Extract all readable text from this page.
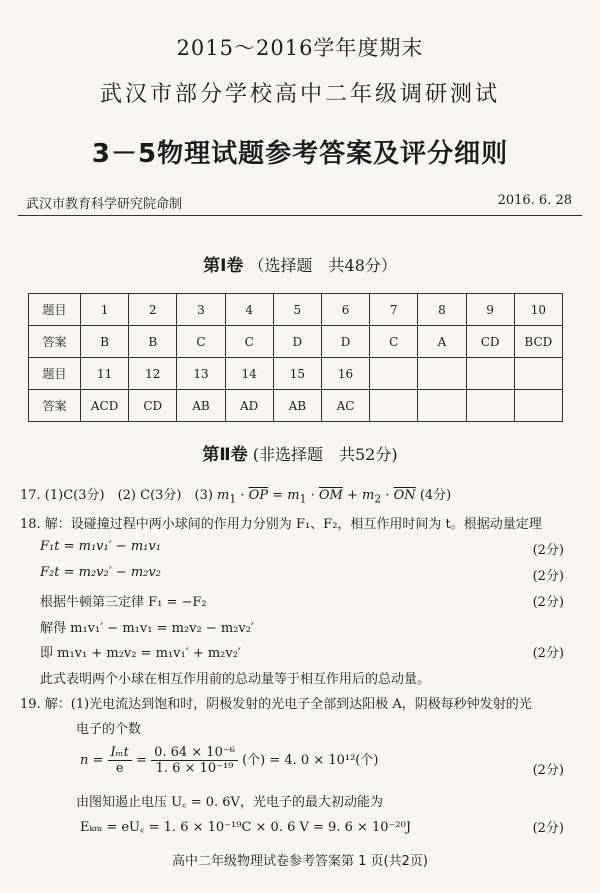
2015～2016学年度期末
武汉市部分学校高中二年级调研测试
3－5物理试题参考答案及评分细则
武汉市教育科学研究院命制	2016. 6. 28
第Ⅰ卷 （选择题　共48分）
题目	1	2	3	4	5	6	7	8	9	10
答案	B	B	C	C	D	D	C	A	CD	BCD
题目	11	12	13	14	15	16				
答案	ACD	CD	AB	AD	AB	AC				
第Ⅱ卷 (非选择题　共52分)
17. (1)C(3分)　(2) C(3分)　(3) $m_1 \cdot \overline{OP} = m_1 \cdot \overline{OM} + m_2 \cdot \overline{ON}$ (4分)
18. 解：设碰撞过程中两小球间的作用力分别为 F₁、F₂，相互作用时间为 t。根据动量定理
F₁t = m₁v₁′ − m₁v₁	(2分)
F₂t = m₂v₂′ − m₂v₂	(2分)
根据牛顿第三定律 F₁ = −F₂	(2分)
解得 m₁v₁′ − m₁v₁ = m₂v₂ − m₂v₂′
即 m₁v₁ + m₂v₂ = m₁v₁′ + m₂v₂′	(2分)
此式表明两个小球在相互作用前的总动量等于相互作用后的总动量。
19. 解：(1)光电流达到饱和时，阴极发射的光电子全部到达阳极 A，阴极每秒钟发射的光
电子的个数
$n = \frac{\text{Iₘt}}{e} = \frac{\text{0. 64 × 10⁻⁶}}{\text{1. 6 × 10⁻¹⁹}}$ (个) = 4. 0 × 10¹²(个)
(2分)
由图知遏止电压 U꜀ = 0. 6V，光电子的最大初动能为
Eₖₘ = eU꜀ = 1. 6 × 10⁻¹⁹C × 0. 6 V = 9. 6 × 10⁻²⁰J	(2分)
高中二年级物理试卷参考答案第 1 页(共2页)
